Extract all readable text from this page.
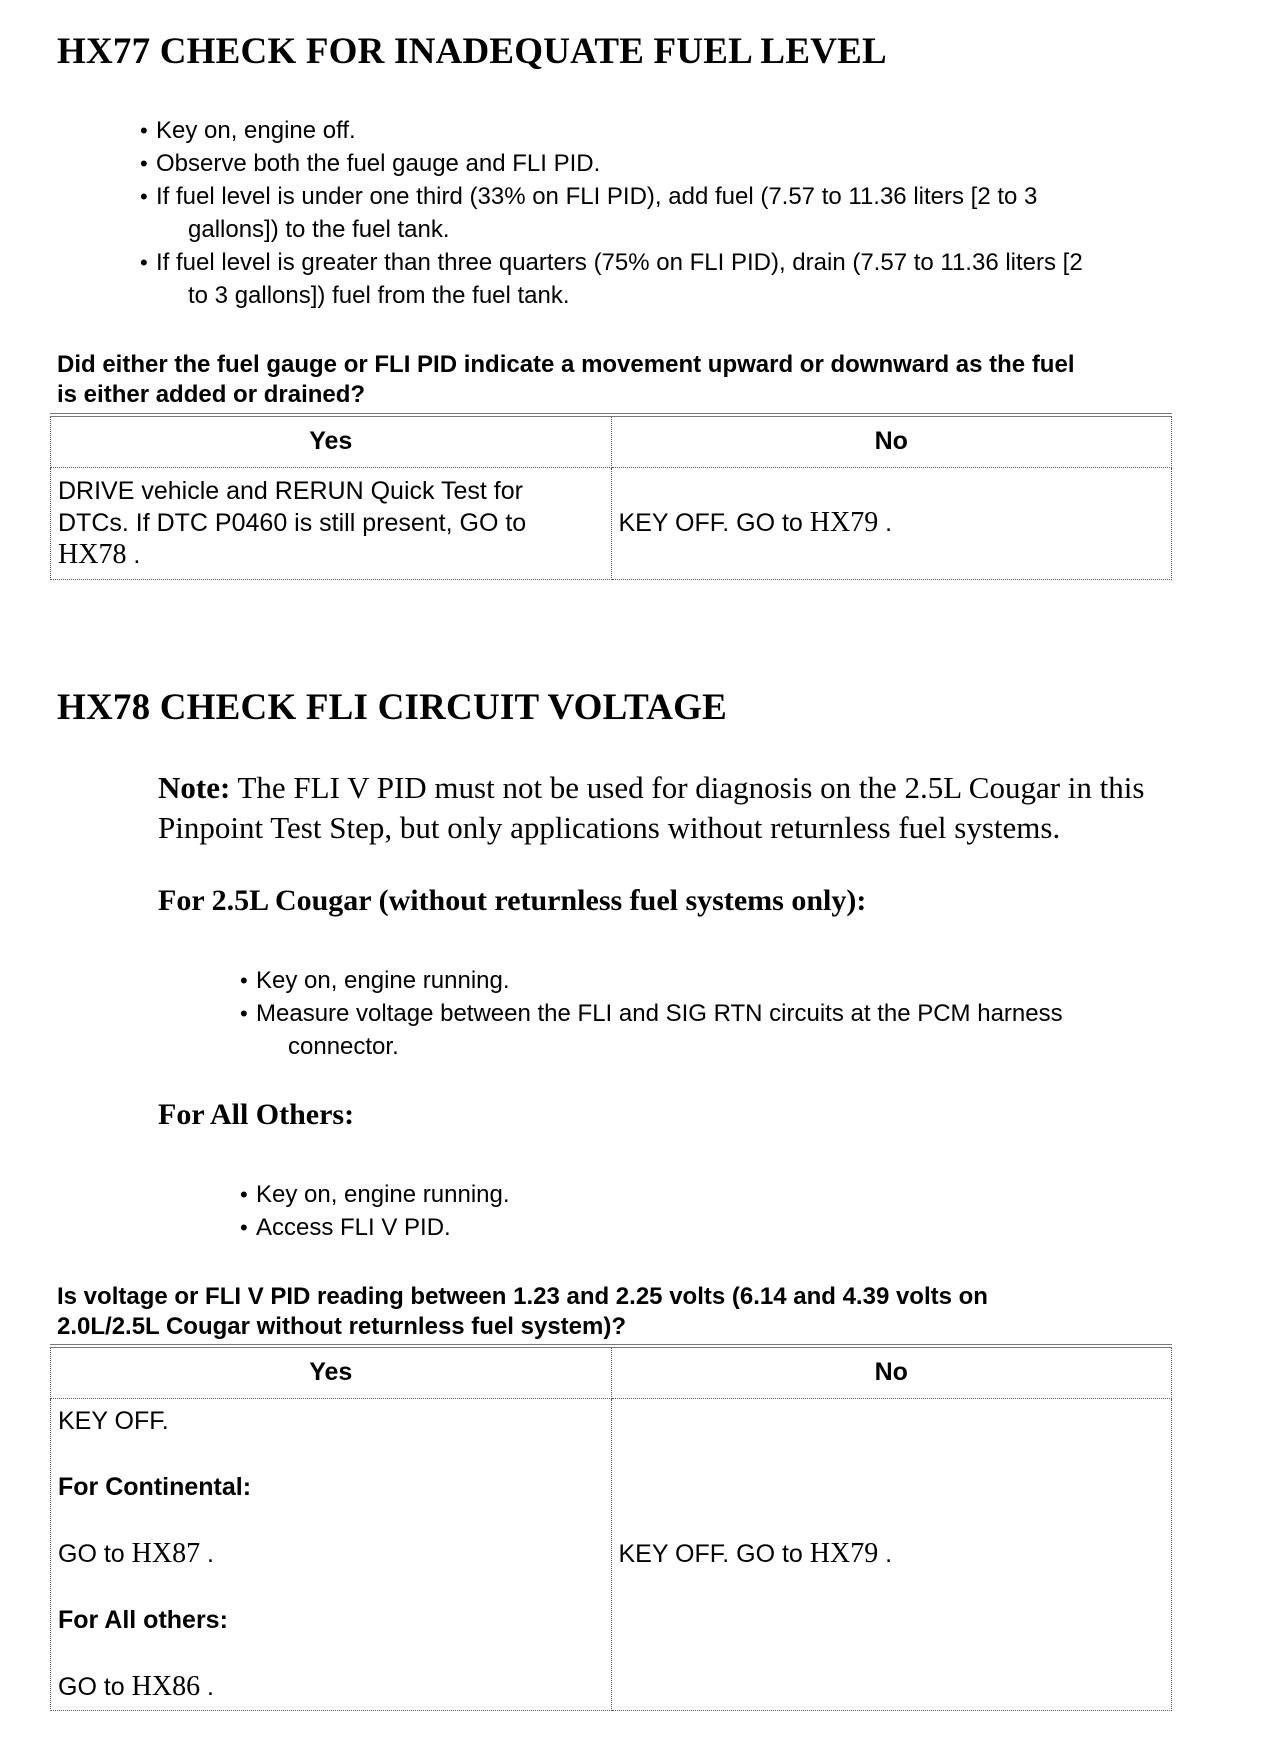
HX77 CHECK FOR INADEQUATE FUEL LEVEL
• Key on, engine off.
• Observe both the fuel gauge and FLI PID.
• If fuel level is under one third (33% on FLI PID), add fuel (7.57 to 11.36 liters [2 to 3
gallons]) to the fuel tank.
• If fuel level is greater than three quarters (75% on FLI PID), drain (7.57 to 11.36 liters [2
to 3 gallons]) fuel from the fuel tank.

Did either the fuel gauge or FLI PID indicate a movement upward or downward as the fuel
is either added or drained?

Yes	No
DRIVE vehicle and RERUN Quick Test for
DTCs. If DTC P0460 is still present, GO to
HX78 .	KEY OFF. GO to HX79 .
HX78 CHECK FLI CIRCUIT VOLTAGE

Note: The FLI V PID must not be used for diagnosis on the 2.5L Cougar in this
Pinpoint Test Step, but only applications without returnless fuel systems.

For 2.5L Cougar (without returnless fuel systems only):

• Key on, engine running.
• Measure voltage between the FLI and SIG RTN circuits at the PCM harness
connector.

For All Others:

• Key on, engine running.
• Access FLI V PID.

Is voltage or FLI V PID reading between 1.23 and 2.25 volts (6.14 and 4.39 volts on
2.0L/2.5L Cougar without returnless fuel system)?

Yes	No

KEY OFF.

For Continental:

GO to HX87 .

For All others:

GO to HX86 .	KEY OFF. GO to HX79 .
